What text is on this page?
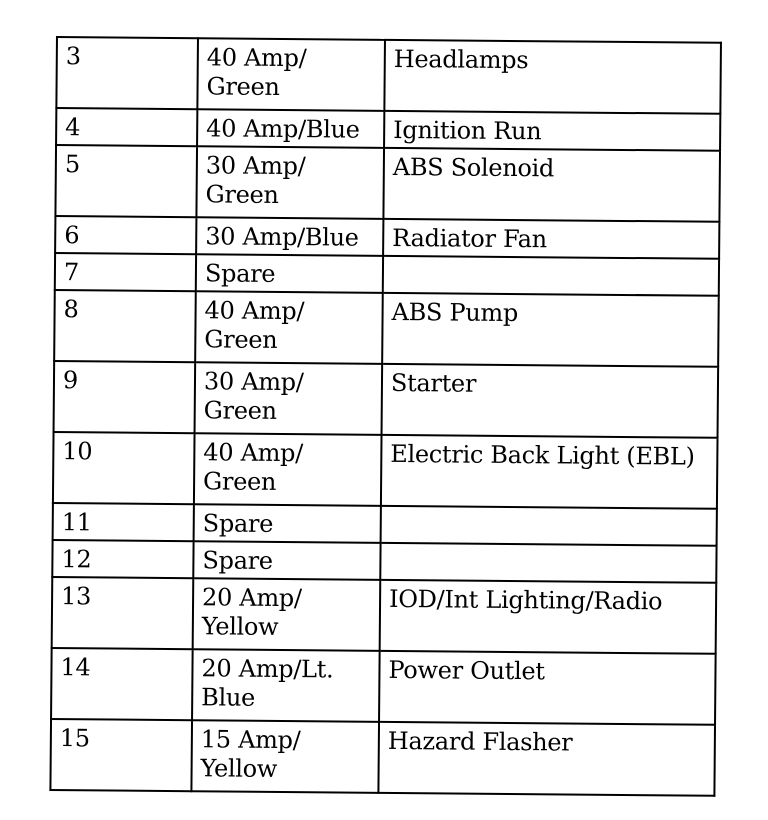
3	40 Amp/
Green	Headlamps

4	40 Amp/Blue	Ignition Run

5	30 Amp/
Green	ABS Solenoid

6	30 Amp/Blue	Radiator Fan

7	Spare	

8	40 Amp/
Green	ABS Pump

9	30 Amp/
Green	Starter

10	40 Amp/
Green	Electric Back Light (EBL)

11	Spare	

12	Spare	

13	20 Amp/
Yellow	IOD/Int Lighting/Radio

14	20 Amp/Lt.
Blue	Power Outlet

15	15 Amp/
Yellow	Hazard Flasher
